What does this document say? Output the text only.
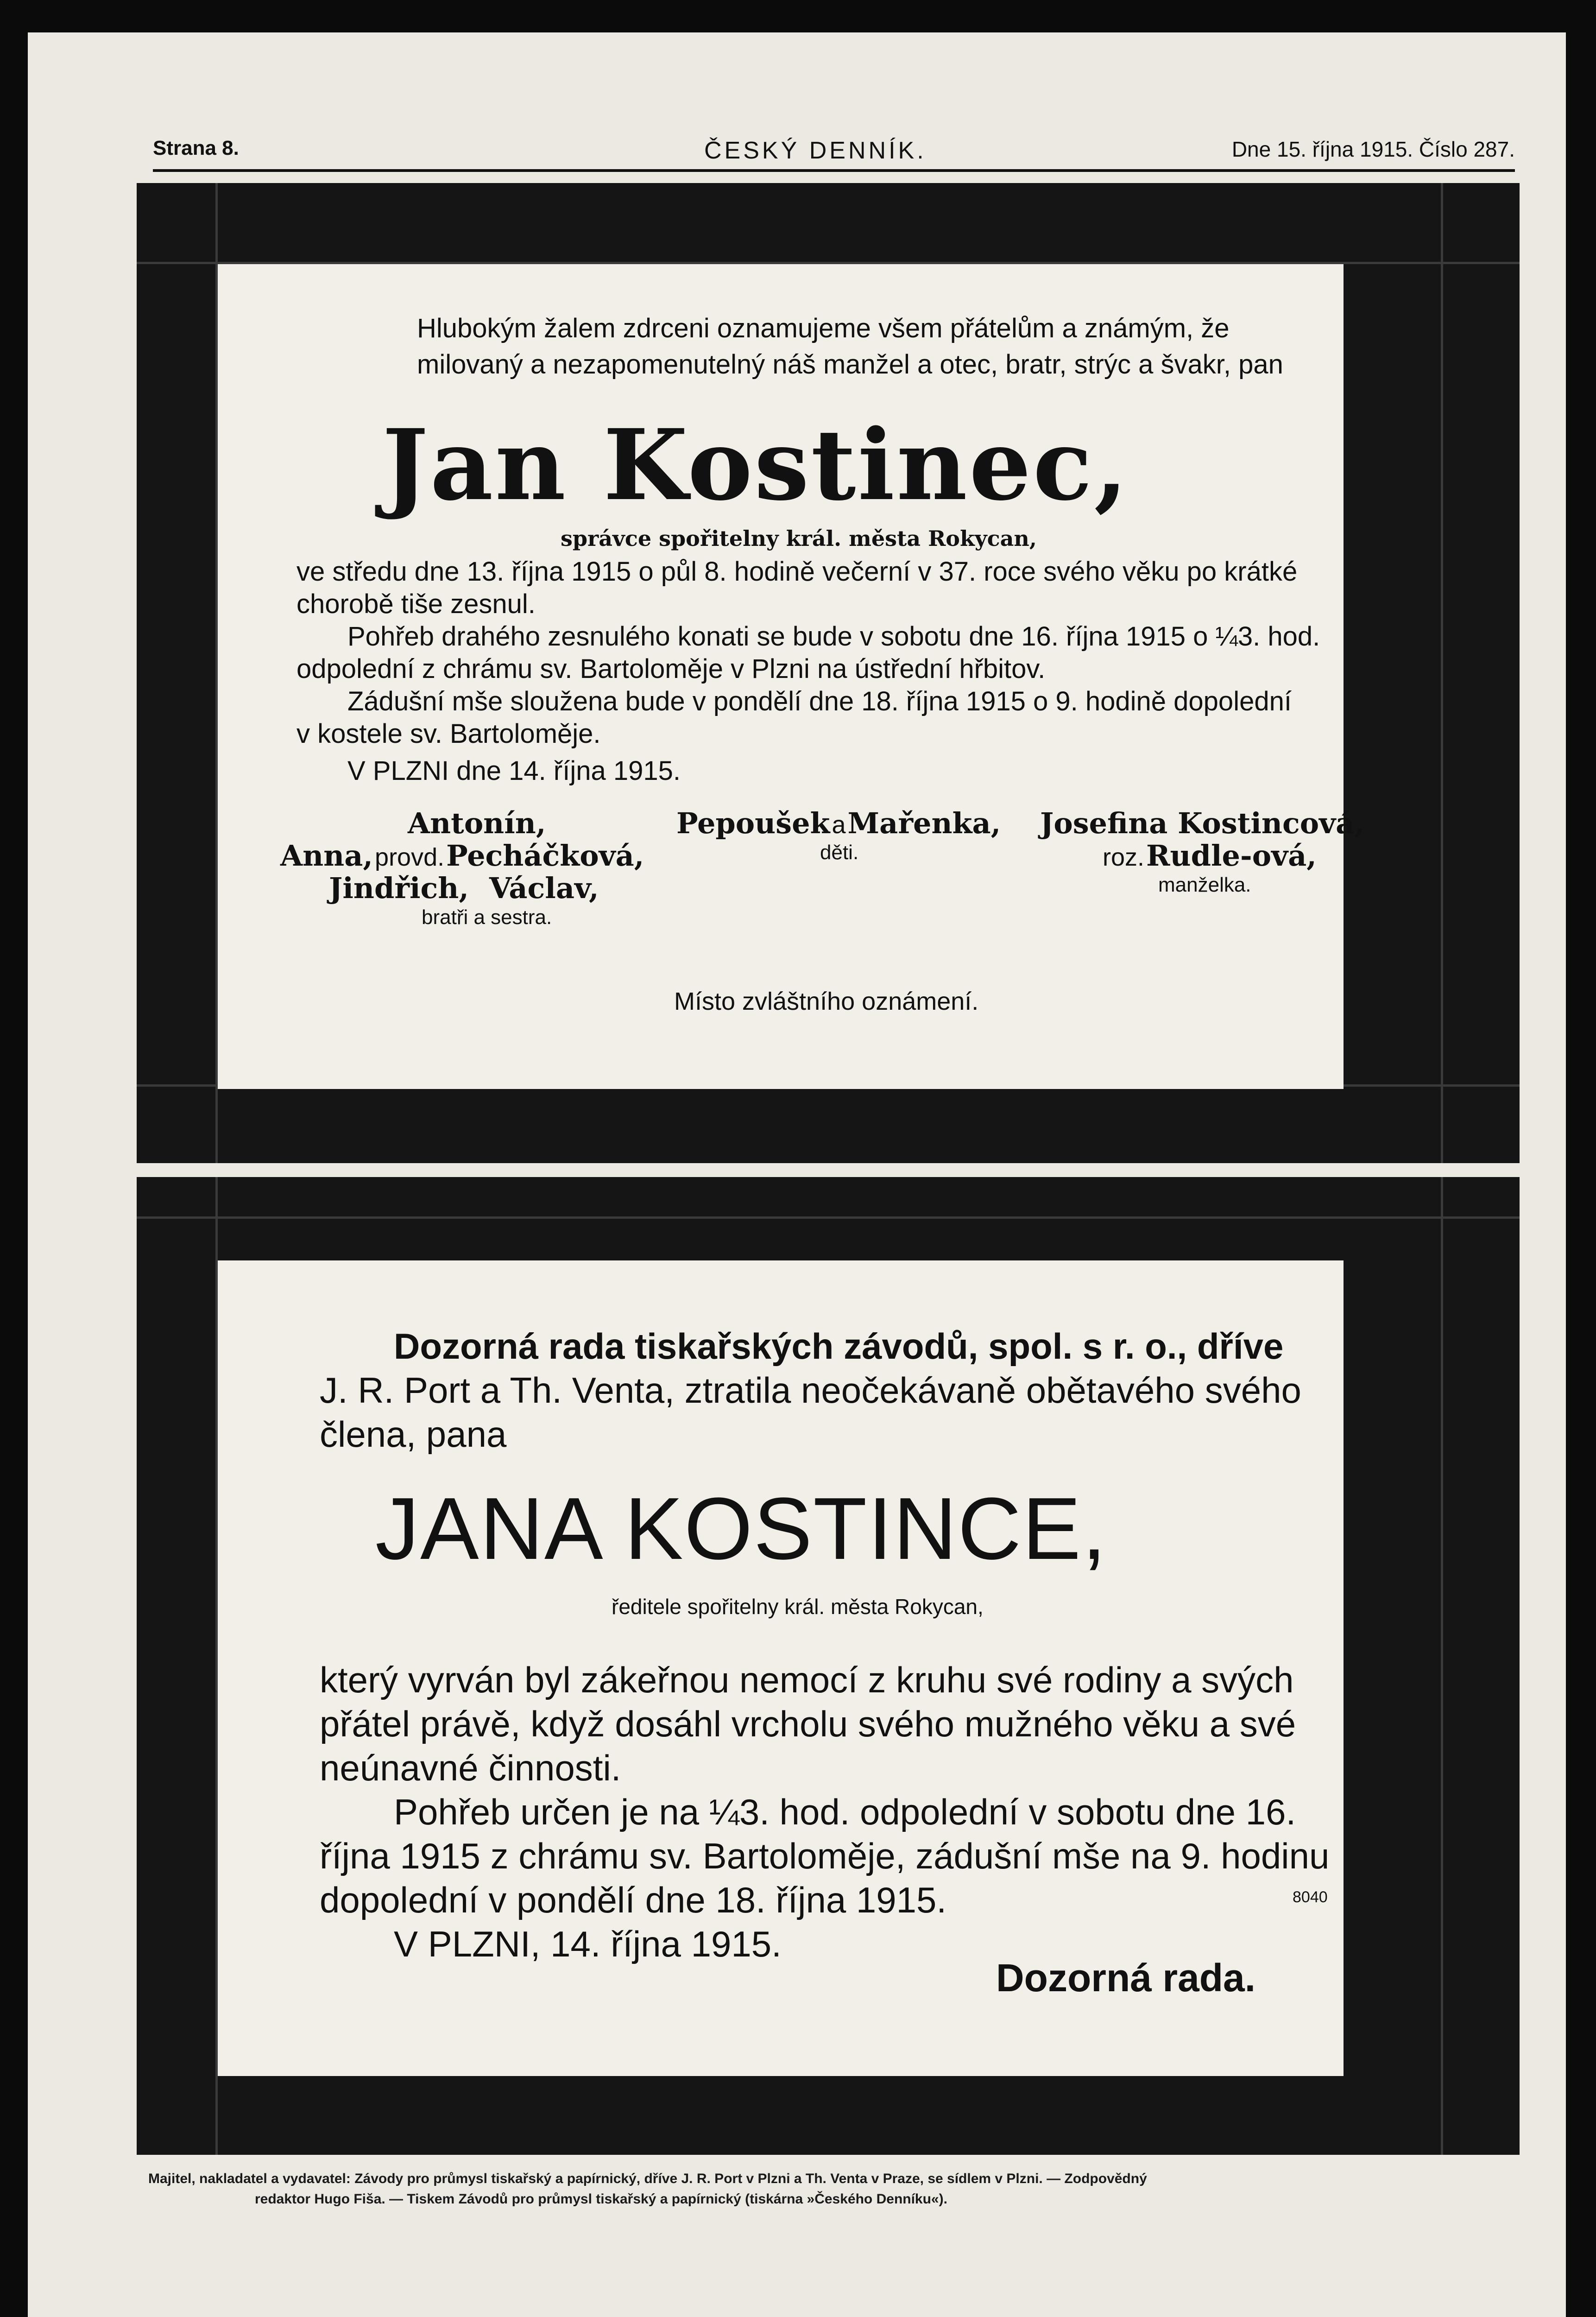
Strana 8.	ČESKÝ DENNÍK.	Dne 15. října 1915. Číslo 287.
Hlubokým žalem zdrceni oznamujeme všem přátelům a známým, že milovaný a nezapomenutelný náš manžel a otec, bratr, strýc a švakr, pan
Jan Kostinec,
správce spořitelny král. města Rokycan,
ve středu dne 13. října 1915 o půl 8. hodině večerní v 37. roce svého věku po krátké
chorobě tiše zesnul.
Pohřeb drahého zesnulého konati se bude v sobotu dne 16. října 1915 o ¼3. hod.
odpolední z chrámu sv. Bartoloměje v Plzni na ústřední hřbitov.
Zádušní mše sloužena bude v pondělí dne 18. října 1915 o 9. hodině dopolední
v kostele sv. Bartoloměje.
V PLZNI dne 14. října 1915.
Antonín,
Anna, provd. Pecháčková,
Jindřich, Václav,
bratři a sestra.
Pepoušek a Mařenka,
děti.
Josefina Kostincová,
roz. Rudle-ová,
manželka.
Místo zvláštního oznámení.
Dozorná rada tiskařských závodů, spol. s r. o., dříve
J. R. Port a Th. Venta, ztratila neočekávaně obětavého svého
člena, pana
JANA KOSTINCE,
ředitele spořitelny král. města Rokycan,
který vyrván byl zákeřnou nemocí z kruhu své rodiny a svých
přátel právě, když dosáhl vrcholu svého mužného věku a své
neúnavné činnosti.
Pohřeb určen je na ¼3. hod. odpolední v sobotu dne 16.
října 1915 z chrámu sv. Bartoloměje, zádušní mše na 9. hodinu
dopolední v pondělí dne 18. října 1915.	8040
V PLZNI, 14. října 1915.
Dozorná rada.
Majitel, nakladatel a vydavatel: Závody pro průmysl tiskařský a papírnický, dříve J. R. Port v Plzni a Th. Venta v Praze, se sídlem v Plzni. — Zodpovědný
redaktor Hugo Fiša. — Tiskem Závodů pro průmysl tiskařský a papírnický (tiskárna »Českého Denníku«).
